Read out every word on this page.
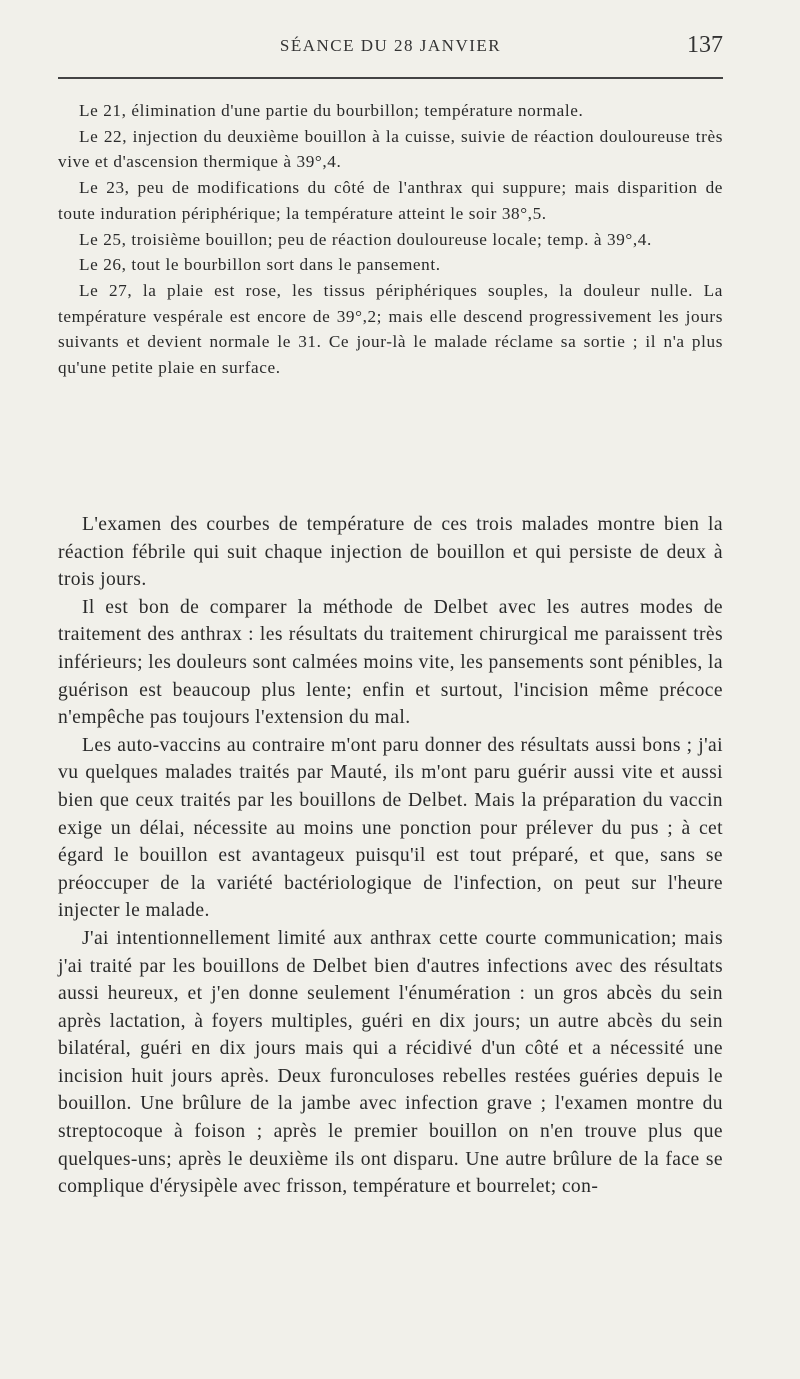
SÉANCE DU 28 JANVIER	137

Le 21, élimination d'une partie du bourbillon; température normale.

Le 22, injection du deuxième bouillon à la cuisse, suivie de réaction douloureuse très vive et d'ascension thermique à 39°,4.

Le 23, peu de modifications du côté de l'anthrax qui suppure; mais disparition de toute induration périphérique; la température atteint le soir 38°,5.

Le 25, troisième bouillon; peu de réaction douloureuse locale; temp. à 39°,4.

Le 26, tout le bourbillon sort dans le pansement.

Le 27, la plaie est rose, les tissus périphériques souples, la douleur nulle. La température vespérale est encore de 39°,2; mais elle descend progressivement les jours suivants et devient normale le 31. Ce jour-là le malade réclame sa sortie ; il n'a plus qu'une petite plaie en surface.

L'examen des courbes de température de ces trois malades montre bien la réaction fébrile qui suit chaque injection de bouillon et qui persiste de deux à trois jours.

Il est bon de comparer la méthode de Delbet avec les autres modes de traitement des anthrax : les résultats du traitement chirurgical me paraissent très inférieurs; les douleurs sont calmées moins vite, les pansements sont pénibles, la guérison est beaucoup plus lente; enfin et surtout, l'incision même précoce n'empêche pas toujours l'extension du mal.

Les auto-vaccins au contraire m'ont paru donner des résultats aussi bons ; j'ai vu quelques malades traités par Mauté, ils m'ont paru guérir aussi vite et aussi bien que ceux traités par les bouillons de Delbet. Mais la préparation du vaccin exige un délai, nécessite au moins une ponction pour prélever du pus ; à cet égard le bouillon est avantageux puisqu'il est tout préparé, et que, sans se préoccuper de la variété bactériologique de l'infection, on peut sur l'heure injecter le malade.

J'ai intentionnellement limité aux anthrax cette courte communication; mais j'ai traité par les bouillons de Delbet bien d'autres infections avec des résultats aussi heureux, et j'en donne seulement l'énumération : un gros abcès du sein après lactation, à foyers multiples, guéri en dix jours; un autre abcès du sein bilatéral, guéri en dix jours mais qui a récidivé d'un côté et a nécessité une incision huit jours après. Deux furonculoses rebelles restées guéries depuis le bouillon. Une brûlure de la jambe avec infection grave ; l'examen montre du streptocoque à foison ; après le premier bouillon on n'en trouve plus que quelques-uns; après le deuxième ils ont disparu. Une autre brûlure de la face se complique d'érysipèle avec frisson, température et bourrelet; con-
